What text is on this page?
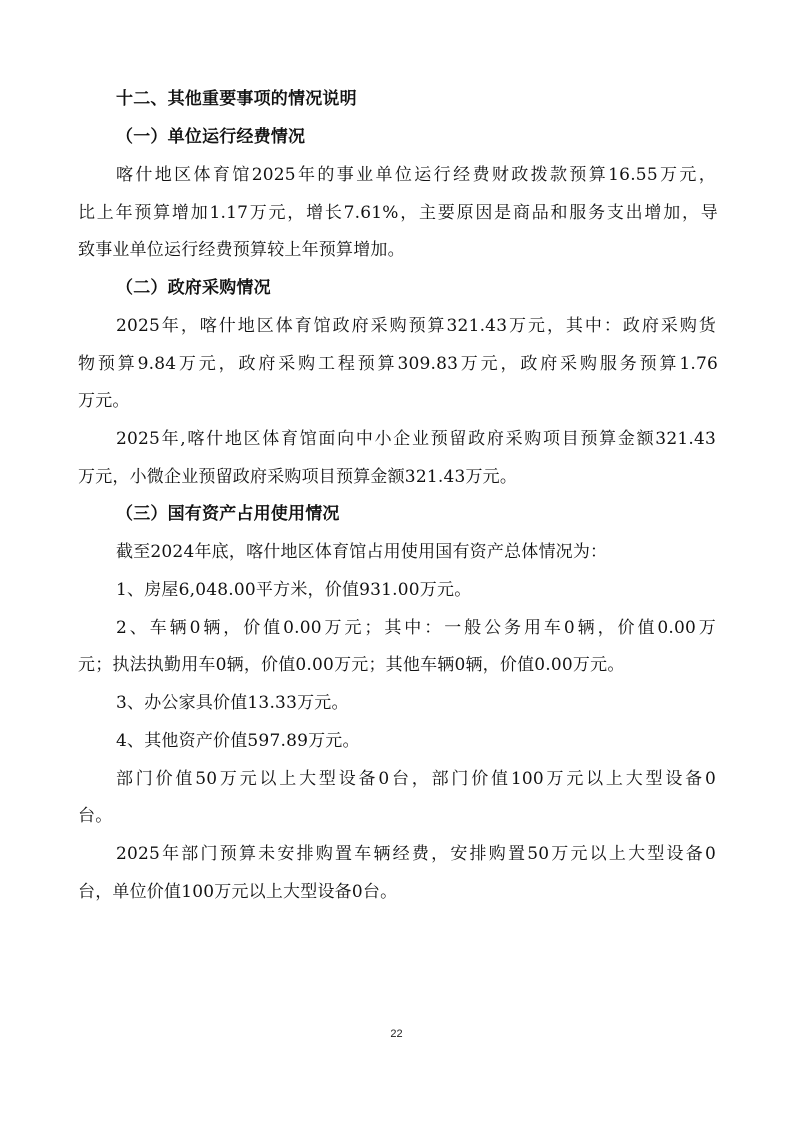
十二、其他重要事项的情况说明
（一）单位运行经费情况
喀什地区体育馆2025年的事业单位运行经费财政拨款预算16.55万元，
比上年预算增加1.17万元，增长7.61%，主要原因是商品和服务支出增加，导
致事业单位运行经费预算较上年预算增加。
（二）政府采购情况
2025年，喀什地区体育馆政府采购预算321.43万元，其中：政府采购货
物预算9.84万元，政府采购工程预算309.83万元，政府采购服务预算1.76
万元。
2025年,喀什地区体育馆面向中小企业预留政府采购项目预算金额321.43
万元，小微企业预留政府采购项目预算金额321.43万元。
（三）国有资产占用使用情况
截至2024年底，喀什地区体育馆占用使用国有资产总体情况为：
1、房屋6,048.00平方米，价值931.00万元。
2、车辆0辆，价值0.00万元；其中：一般公务用车0辆，价值0.00万
元；执法执勤用车0辆，价值0.00万元；其他车辆0辆，价值0.00万元。
3、办公家具价值13.33万元。
4、其他资产价值597.89万元。
部门价值50万元以上大型设备0台，部门价值100万元以上大型设备0
台。
2025年部门预算未安排购置车辆经费，安排购置50万元以上大型设备0
台，单位价值100万元以上大型设备0台。
22
